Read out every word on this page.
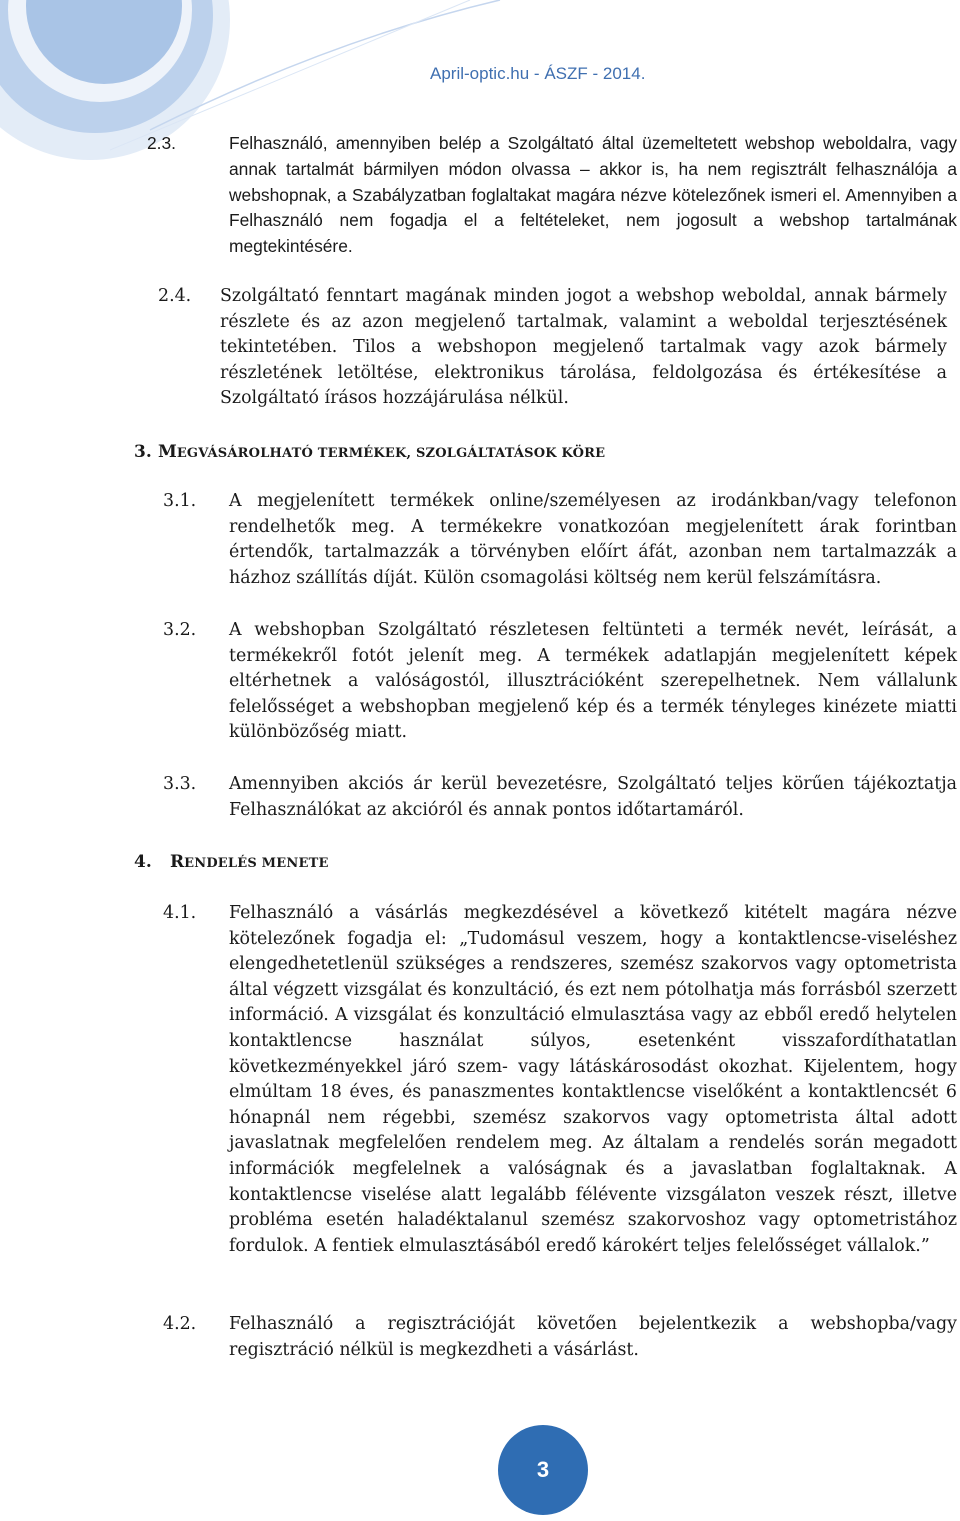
April-optic.hu - ÁSZF - 2014.
2.3.	Felhasználó, amennyiben belép a Szolgáltató által üzemeltetett webshop weboldalra, vagy annak tartalmát bármilyen módon olvassa – akkor is, ha nem regisztrált felhasználója a webshopnak, a Szabályzatban foglaltakat magára nézve kötelezőnek ismeri el. Amennyiben a Felhasználó nem fogadja el a feltételeket, nem jogosult a webshop tartalmának megtekintésére.
2.4. Szolgáltató fenntart magának minden jogot a webshop weboldal, annak bármely részlete és az azon megjelenő tartalmak, valamint a weboldal terjesztésének tekintetében. Tilos a webshopon megjelenő tartalmak vagy azok bármely részletének letöltése, elektronikus tárolása, feldolgozása és értékesítése a Szolgáltató írásos hozzájárulása nélkül.
3. MEGVÁSÁROLHATÓ TERMÉKEK, SZOLGÁLTATÁSOK KÖRE
3.1. A megjelenített termékek online/személyesen az irodánkban/vagy telefonon rendelhetők meg. A termékekre vonatkozóan megjelenített árak forintban értendők, tartalmazzák a törvényben előírt áfát, azonban nem tartalmazzák a házhoz szállítás díját. Külön csomagolási költség nem kerül felszámításra.
3.2. A webshopban Szolgáltató részletesen feltünteti a termék nevét, leírását, a termékekről fotót jelenít meg. A termékek adatlapján megjelenített képek eltérhetnek a valóságostól, illusztrációként szerepelhetnek. Nem vállalunk felelősséget a webshopban megjelenő kép és a termék tényleges kinézete miatti különbözőség miatt.
3.3. Amennyiben akciós ár kerül bevezetésre, Szolgáltató teljes körűen tájékoztatja Felhasználókat az akcióról és annak pontos időtartamáról.
4. RENDELÉS MENETE
4.1. Felhasználó a vásárlás megkezdésével a következő kitételt magára nézve kötelezőnek fogadja el: „Tudomásul veszem, hogy a kontaktlencse-viseléshez elengedhetetlenül szükséges a rendszeres, szemész szakorvos vagy optometrista által végzett vizsgálat és konzultáció, és ezt nem pótolhatja más forrásból szerzett információ. A vizsgálat és konzultáció elmulasztása vagy az ebből eredő helytelen kontaktlencse használat súlyos, esetenként visszafordíthatatlan következményekkel járó szem- vagy látáskárosodást okozhat. Kijelentem, hogy elmúltam 18 éves, és panaszmentes kontaktlencse viselőként a kontaktlencsét 6 hónapnál nem régebbi, szemész szakorvos vagy optometrista által adott javaslatnak megfelelően rendelem meg. Az általam a rendelés során megadott információk megfelelnek a valóságnak és a javaslatban foglaltaknak. A kontaktlencse viselése alatt legalább félévente vizsgálaton veszek részt, illetve probléma esetén haladéktalanul szemész szakorvoshoz vagy optometristához fordulok. A fentiek elmulasztásából eredő károkért teljes felelősséget vállalok.”
4.2. Felhasználó a regisztrációját követően bejelentkezik a webshopba/vagy regisztráció nélkül is megkezdheti a vásárlást.
3
